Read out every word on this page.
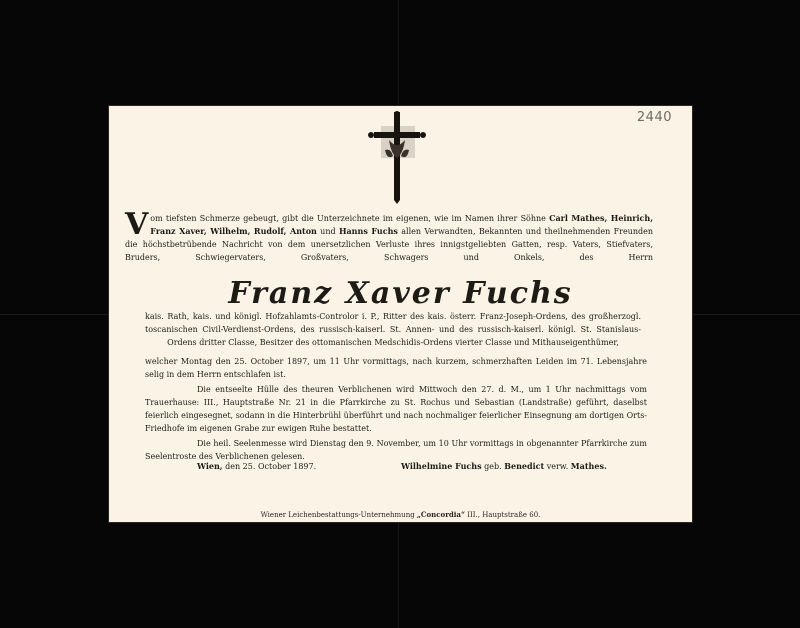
2440

Vom tiefsten Schmerze gebeugt, gibt die Unterzeichnete im eigenen, wie im Namen ihrer Söhne Carl Mathes, Heinrich, Franz Xaver, Wilhelm, Rudolf, Anton und Hanns Fuchs allen Verwandten, Bekannten und theilnehmenden Freunden die höchstbetrübende Nachricht von dem unersetzlichen Verluste ihres innigstgeliebten Gatten, resp. Vaters, Stiefvaters, Bruders, Schwiegervaters, Großvaters, Schwagers und Onkels, des Herrn

Franz Xaver Fuchs

kais. Rath, kais. und königl. Hofzahlamts-Controlor i. P., Ritter des kais. österr. Franz-Joseph-Ordens, des großherzogl. toscanischen Civil-Verdienst-Ordens, des russisch-kaiserl. St. Annen- und des russisch-kaiserl. königl. St. Stanislaus-Ordens dritter Classe, Besitzer des ottomanischen Medschidis-Ordens vierter Classe und Mithauseigenthümer,

welcher Montag den 25. October 1897, um 11 Uhr vormittags, nach kurzem, schmerzhaften Leiden im 71. Lebensjahre selig in dem Herrn entschlafen ist.

Die entseelte Hülle des theuren Verblichenen wird Mittwoch den 27. d. M., um 1 Uhr nachmittags vom Trauerhause: III., Hauptstraße Nr. 21 in die Pfarrkirche zu St. Rochus und Sebastian (Landstraße) geführt, daselbst feierlich eingesegnet, sodann in die Hinterbrühl überführt und nach nochmaliger feierlicher Einsegnung am dortigen Orts-Friedhofe im eigenen Grabe zur ewigen Ruhe bestattet.

Die heil. Seelenmesse wird Dienstag den 9. November, um 10 Uhr vormittags in obgenannter Pfarrkirche zum Seelentroste des Verblichenen gelesen.

Wien, den 25. October 1897.	Wilhelmine Fuchs geb. Benedict verw. Mathes.
Wiener Leichenbestattungs-Unternehmung „Concordia“ III., Hauptstraße 60.
